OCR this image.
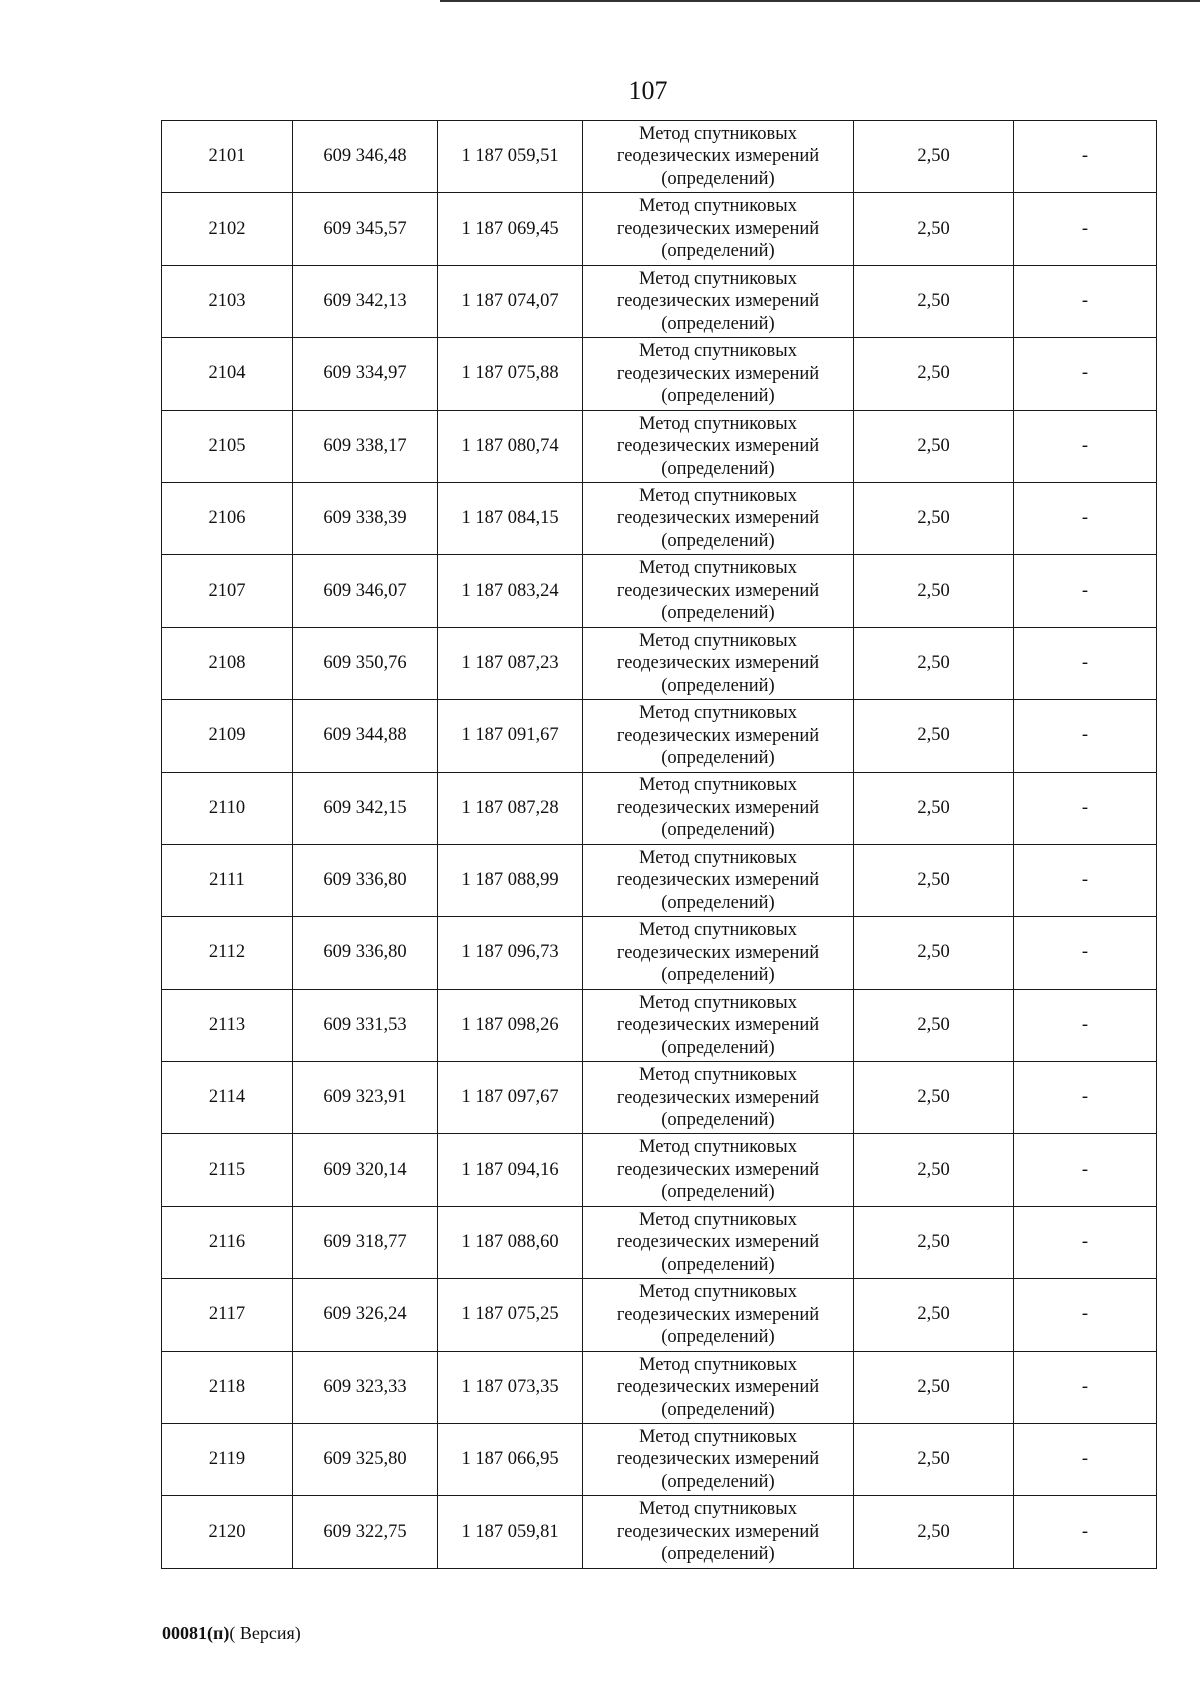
107
2101	609 346,48	1 187 059,51	Метод спутниковых
геодезических измерений
(определений)	2,50	-
2102	609 345,57	1 187 069,45	Метод спутниковых
геодезических измерений
(определений)	2,50	-
2103	609 342,13	1 187 074,07	Метод спутниковых
геодезических измерений
(определений)	2,50	-
2104	609 334,97	1 187 075,88	Метод спутниковых
геодезических измерений
(определений)	2,50	-
2105	609 338,17	1 187 080,74	Метод спутниковых
геодезических измерений
(определений)	2,50	-
2106	609 338,39	1 187 084,15	Метод спутниковых
геодезических измерений
(определений)	2,50	-
2107	609 346,07	1 187 083,24	Метод спутниковых
геодезических измерений
(определений)	2,50	-
2108	609 350,76	1 187 087,23	Метод спутниковых
геодезических измерений
(определений)	2,50	-
2109	609 344,88	1 187 091,67	Метод спутниковых
геодезических измерений
(определений)	2,50	-
2110	609 342,15	1 187 087,28	Метод спутниковых
геодезических измерений
(определений)	2,50	-
2111	609 336,80	1 187 088,99	Метод спутниковых
геодезических измерений
(определений)	2,50	-
2112	609 336,80	1 187 096,73	Метод спутниковых
геодезических измерений
(определений)	2,50	-
2113	609 331,53	1 187 098,26	Метод спутниковых
геодезических измерений
(определений)	2,50	-
2114	609 323,91	1 187 097,67	Метод спутниковых
геодезических измерений
(определений)	2,50	-
2115	609 320,14	1 187 094,16	Метод спутниковых
геодезических измерений
(определений)	2,50	-
2116	609 318,77	1 187 088,60	Метод спутниковых
геодезических измерений
(определений)	2,50	-
2117	609 326,24	1 187 075,25	Метод спутниковых
геодезических измерений
(определений)	2,50	-
2118	609 323,33	1 187 073,35	Метод спутниковых
геодезических измерений
(определений)	2,50	-
2119	609 325,80	1 187 066,95	Метод спутниковых
геодезических измерений
(определений)	2,50	-
2120	609 322,75	1 187 059,81	Метод спутниковых
геодезических измерений
(определений)	2,50	-
00081(п)( Версия)
